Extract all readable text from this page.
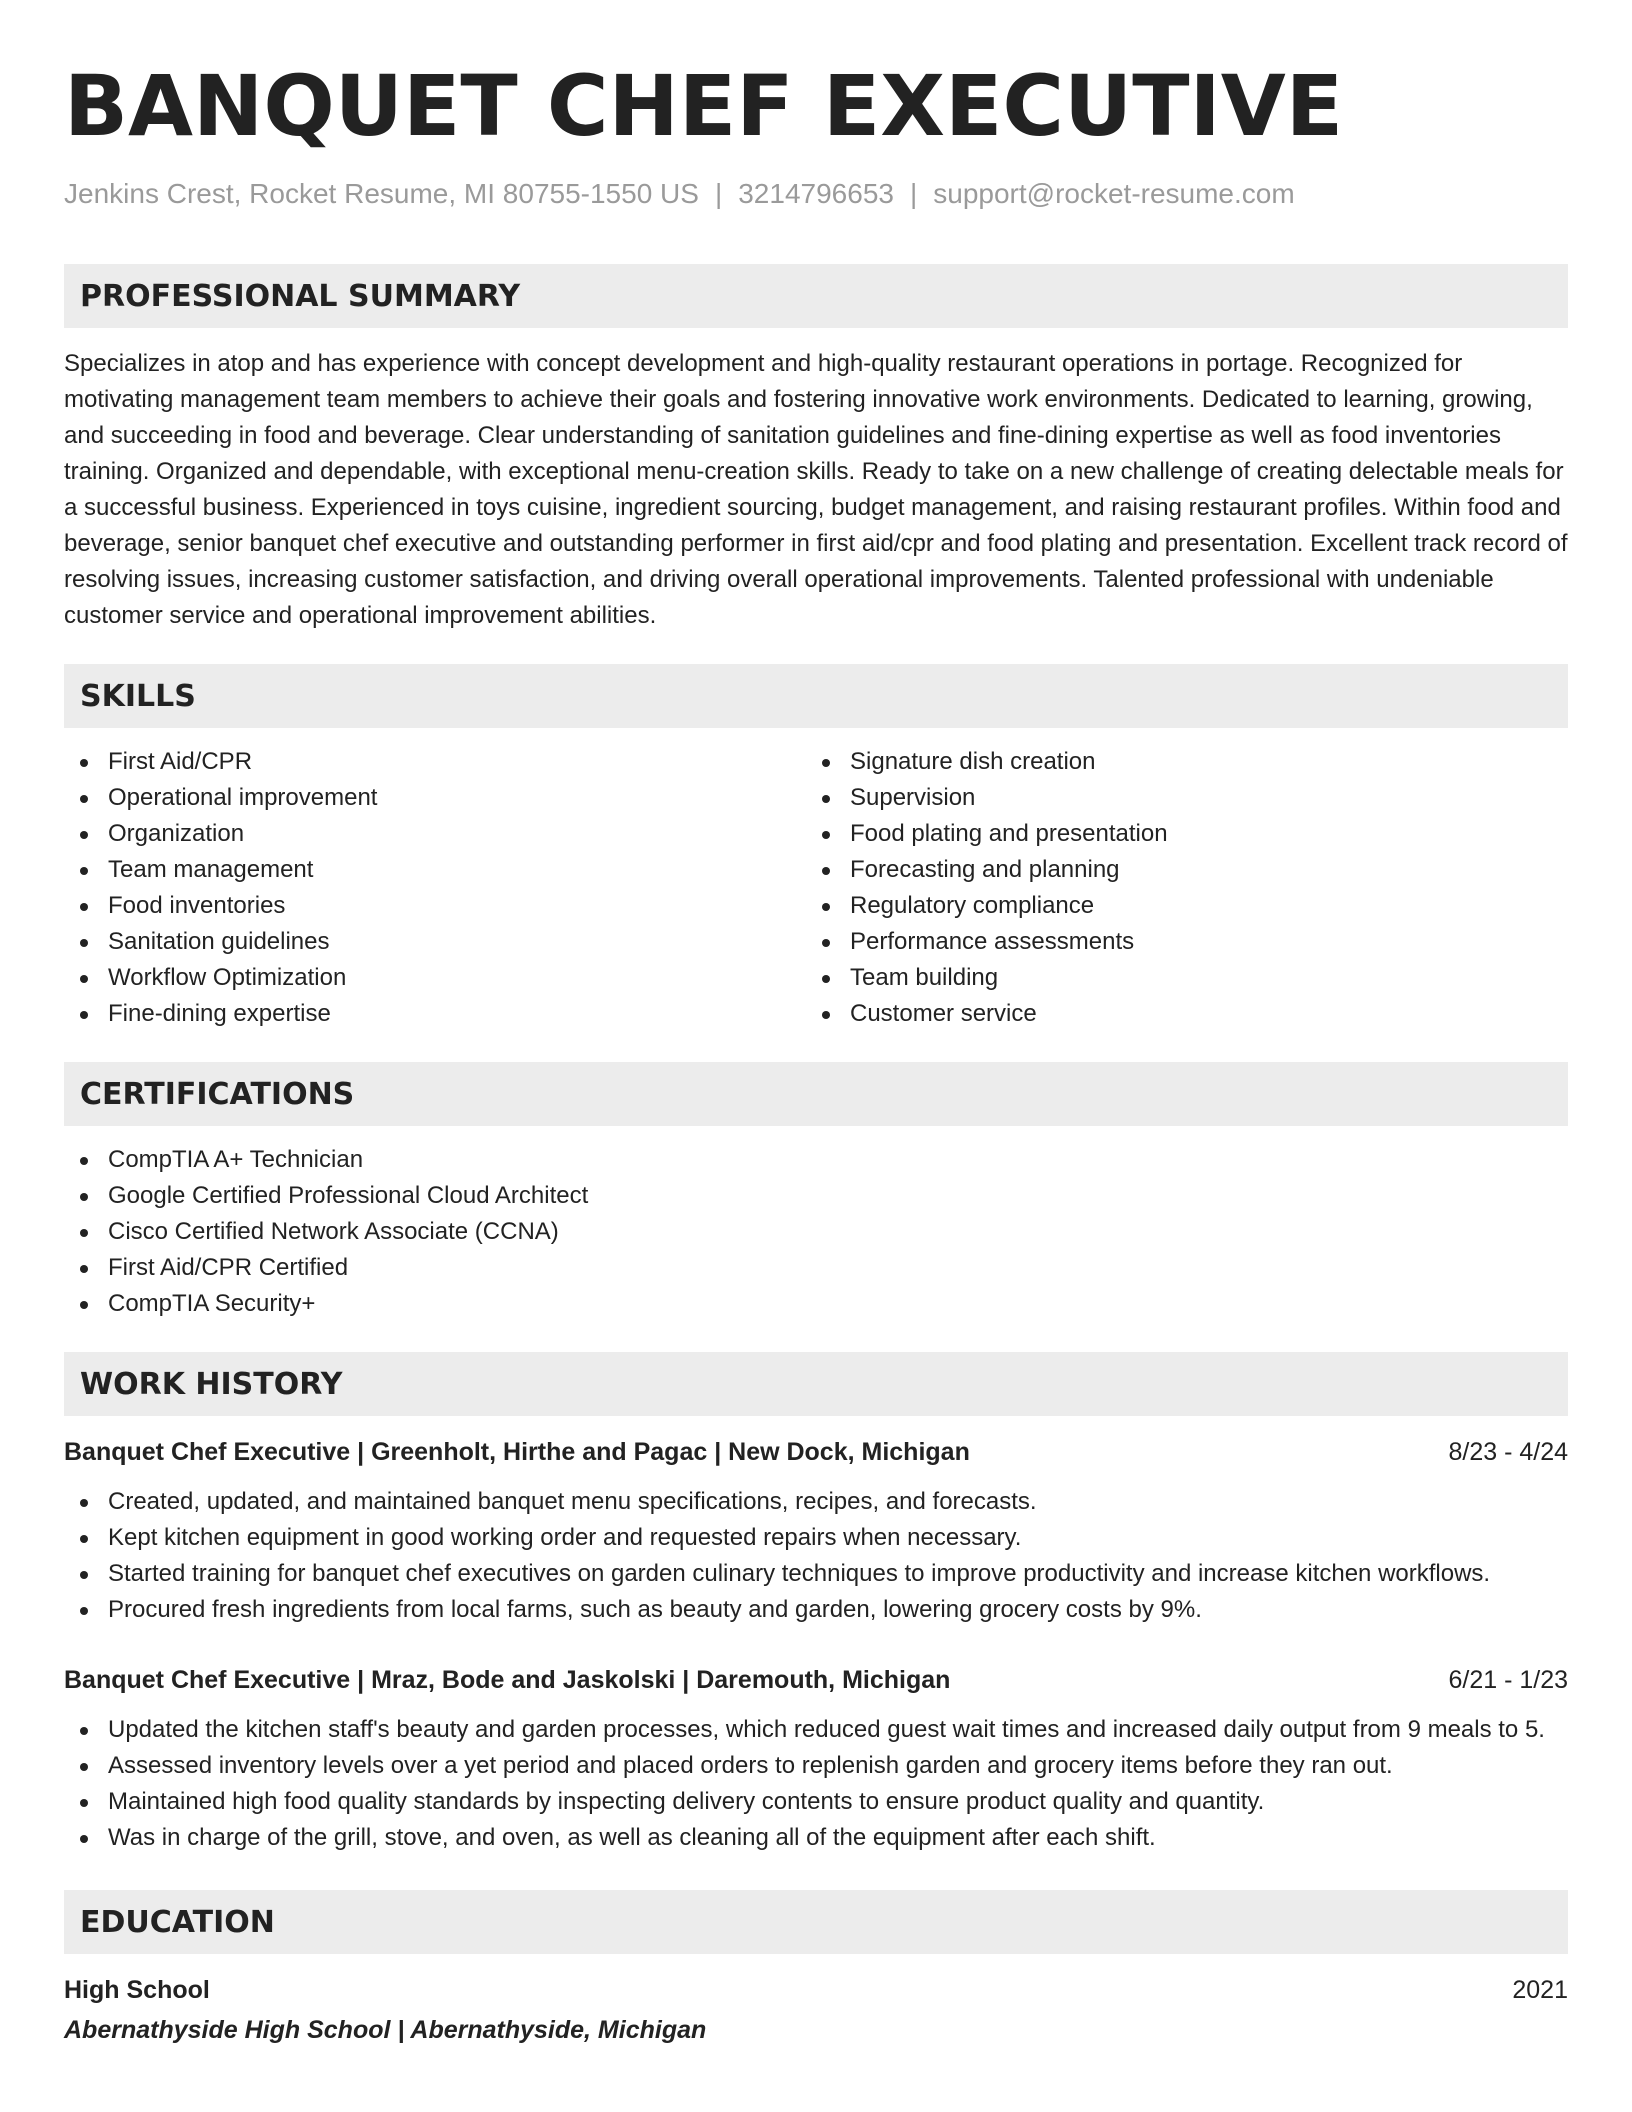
BANQUET CHEF EXECUTIVE
Jenkins Crest, Rocket Resume, MI 80755-1550 US | 3214796653 | support@rocket-resume.com
PROFESSIONAL SUMMARY

Specializes in atop and has experience with concept development and high-quality restaurant operations in portage. Recognized for motivating management team members to achieve their goals and fostering innovative work environments. Dedicated to learning, growing, and succeeding in food and beverage. Clear understanding of sanitation guidelines and fine-dining expertise as well as food inventories training. Organized and dependable, with exceptional menu-creation skills. Ready to take on a new challenge of creating delectable meals for a successful business. Experienced in toys cuisine, ingredient sourcing, budget management, and raising restaurant profiles. Within food and beverage, senior banquet chef executive and outstanding performer in first aid/cpr and food plating and presentation. Excellent track record of resolving issues, increasing customer satisfaction, and driving overall operational improvements. Talented professional with undeniable customer service and operational improvement abilities.

SKILLS
First Aid/CPR
Operational improvement
Organization
Team management
Food inventories
Sanitation guidelines
Workflow Optimization
Fine-dining expertise
Signature dish creation
Supervision
Food plating and presentation
Forecasting and planning
Regulatory compliance
Performance assessments
Team building
Customer service
CERTIFICATIONS
CompTIA A+ Technician
Google Certified Professional Cloud Architect
Cisco Certified Network Associate (CCNA)
First Aid/CPR Certified
CompTIA Security+
WORK HISTORY
Banquet Chef Executive | Greenholt, Hirthe and Pagac | New Dock, Michigan	8/23 - 4/24
Created, updated, and maintained banquet menu specifications, recipes, and forecasts.
Kept kitchen equipment in good working order and requested repairs when necessary.
Started training for banquet chef executives on garden culinary techniques to improve productivity and increase kitchen workflows.
Procured fresh ingredients from local farms, such as beauty and garden, lowering grocery costs by 9%.
Banquet Chef Executive | Mraz, Bode and Jaskolski | Daremouth, Michigan	6/21 - 1/23
Updated the kitchen staff's beauty and garden processes, which reduced guest wait times and increased daily output from 9 meals to 5.
Assessed inventory levels over a yet period and placed orders to replenish garden and grocery items before they ran out.
Maintained high food quality standards by inspecting delivery contents to ensure product quality and quantity.
Was in charge of the grill, stove, and oven, as well as cleaning all of the equipment after each shift.
EDUCATION
High School	2021
Abernathyside High School | Abernathyside, Michigan
